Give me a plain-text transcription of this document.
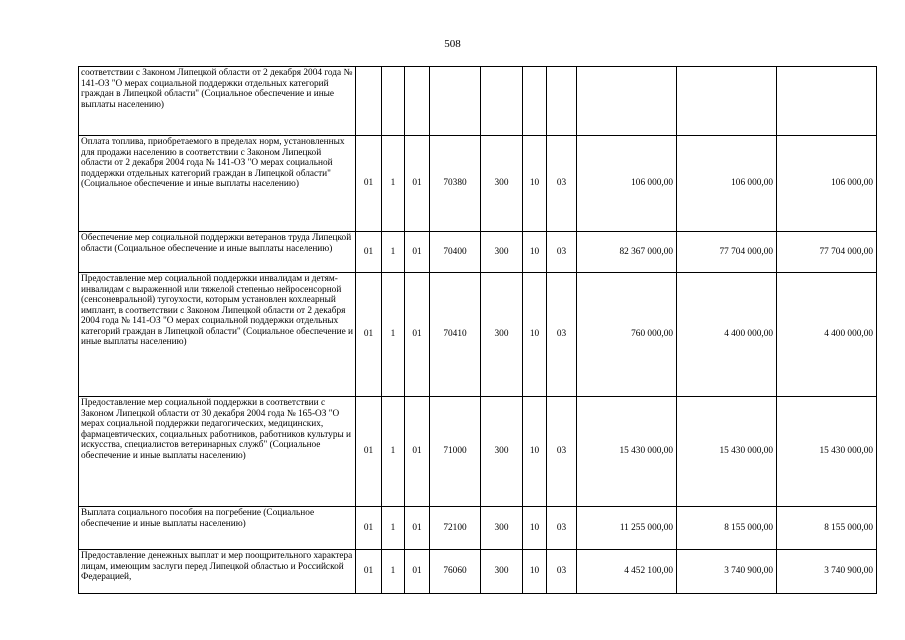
508
соответствии с Законом Липецкой области от 2 декабря 2004 года № 141-ОЗ "О мерах социальной поддержки отдельных категорий граждан в Липецкой области" (Социальное обеспечение и иные выплаты населению)										
Оплата топлива, приобретаемого в пределах норм, установленных для продажи населению в соответствии с Законом Липецкой области от 2 декабря 2004 года № 141-ОЗ "О мерах социальной поддержки отдельных категорий граждан в Липецкой области" (Социальное обеспечение и иные выплаты населению)	01	1	01	70380	300	10	03	106 000,00	106 000,00	106 000,00
Обеспечение мер социальной поддержки ветеранов труда Липецкой области (Социальное обеспечение и иные выплаты населению)	01	1	01	70400	300	10	03	82 367 000,00	77 704 000,00	77 704 000,00
Предоставление мер социальной поддержки инвалидам и детям-инвалидам с выраженной или тяжелой степенью нейросенсорной (сенсоневральной) тугоухости, которым установлен кохлеарный имплант, в соответствии с Законом Липецкой области от 2 декабря 2004 года № 141-ОЗ "О мерах социальной поддержки отдельных категорий граждан в Липецкой области" (Социальное обеспечение и иные выплаты населению)	01	1	01	70410	300	10	03	760 000,00	4 400 000,00	4 400 000,00
Предоставление мер социальной поддержки в соответствии с Законом Липецкой области от 30 декабря 2004 года № 165-ОЗ "О мерах социальной поддержки педагогических, медицинских, фармацевтических, социальных работников, работников культуры и искусства, специалистов ветеринарных служб" (Социальное обеспечение и иные выплаты населению)	01	1	01	71000	300	10	03	15 430 000,00	15 430 000,00	15 430 000,00
Выплата социального пособия на погребение (Социальное обеспечение и иные выплаты населению)	01	1	01	72100	300	10	03	11 255 000,00	8 155 000,00	8 155 000,00
Предоставление денежных выплат и мер поощрительного характера лицам, имеющим заслуги перед Липецкой областью и Российской Федерацией,	01	1	01	76060	300	10	03	4 452 100,00	3 740 900,00	3 740 900,00
